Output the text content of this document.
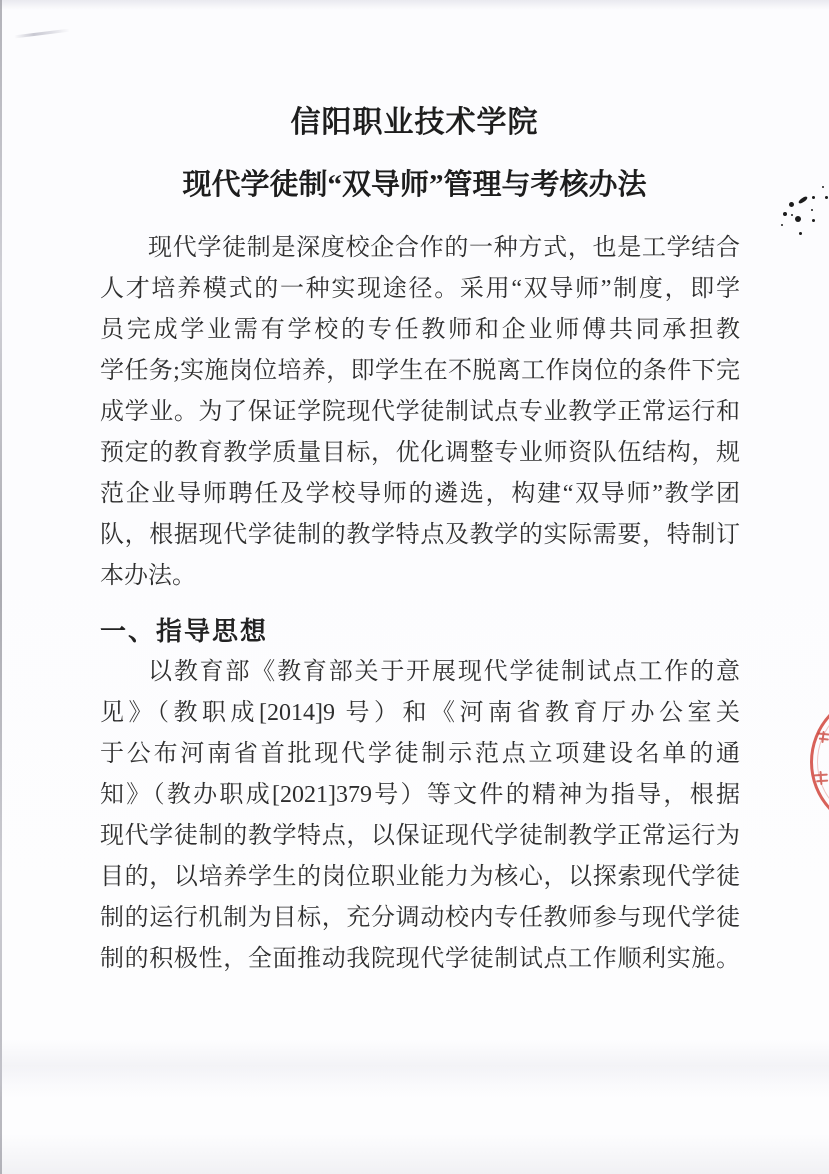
信阳职业技术学院
现代学徒制“双导师”管理与考核办法
现代学徒制是深度校企合作的一种方式，也是工学结合
人才培养模式的一种实现途径。采用“双导师”制度，即学
员完成学业需有学校的专任教师和企业师傅共同承担教
学任务;实施岗位培养，即学生在不脱离工作岗位的条件下完
成学业。为了保证学院现代学徒制试点专业教学正常运行和
预定的教育教学质量目标，优化调整专业师资队伍结构，规
范企业导师聘任及学校导师的遴选，构建“双导师”教学团
队，根据现代学徒制的教学特点及教学的实际需要，特制订
本办法。
一、指导思想
以教育部《教育部关于开展现代学徒制试点工作的意
见》（教职成[2014]9 号）和《河南省教育厅办公室关
于公布河南省首批现代学徒制示范点立项建设名单的通
知》（教办职成[2021]379号）等文件的精神为指导，根据
现代学徒制的教学特点，以保证现代学徒制教学正常运行为
目的，以培养学生的岗位职业能力为核心，以探索现代学徒
制的运行机制为目标，充分调动校内专任教师参与现代学徒
制的积极性，全面推动我院现代学徒制试点工作顺利实施。
